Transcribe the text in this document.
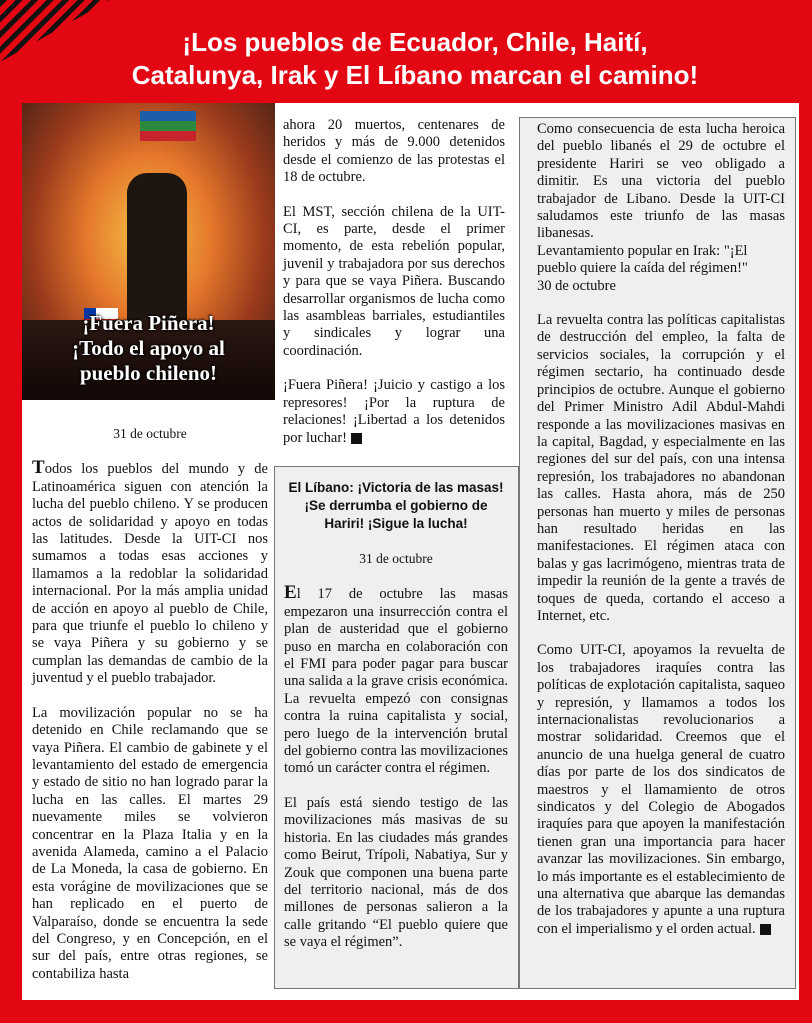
¡Los pueblos de Ecuador, Chile, Haití,
Catalunya, Irak y El Líbano marcan el camino!
¡Fuera Piñera!
¡Todo el apoyo al
pueblo chileno!

31 de octubre

Todos los pueblos del mundo y de Latinoamérica siguen con atención la lucha del pueblo chileno. Y se producen actos de solidaridad y apoyo en todas las latitudes. Desde la UIT-CI nos sumamos a todas esas acciones y llamamos a la redoblar la solidaridad internacional. Por la más amplia unidad de acción en apoyo al pueblo de Chile, para que triunfe el pueblo lo chileno y se vaya Piñera y su gobierno y se cumplan las demandas de cambio de la juventud y el pueblo trabajador.

La movilización popular no se ha detenido en Chile reclamando que se vaya Piñera. El cambio de gabinete y el levantamiento del estado de emergencia y estado de sitio no han logrado parar la lucha en las calles. El martes 29 nuevamente miles se volvieron concentrar en la Plaza Italia y en la avenida Alameda, camino a el Palacio de La Moneda, la casa de gobierno. En esta vorágine de movilizaciones que se han replicado en el puerto de Valparaíso, donde se encuentra la sede del Congreso, y en Concepción, en el sur del país, entre otras regiones, se contabiliza hasta

ahora 20 muertos, centenares de heridos y más de 9.000 detenidos desde el comienzo de las protestas el 18 de octubre.

El MST, sección chilena de la UIT-CI, es parte, desde el primer momento, de esta rebelión popular, juvenil y trabajadora por sus derechos y para que se vaya Piñera. Buscando desarrollar organismos de lucha como las asambleas barriales, estudiantiles y sindicales y lograr una coordinación.

¡Fuera Piñera! ¡Juicio y castigo a los represores! ¡Por la ruptura de relaciones! ¡Libertad a los detenidos por luchar!

El Líbano: ¡Victoria de las masas! ¡Se derrumba el gobierno de Hariri! ¡Sigue la lucha!

31 de octubre

El 17 de octubre las masas empezaron una insurrección contra el plan de austeridad que el gobierno puso en marcha en colaboración con el FMI para poder pagar para buscar una salida a la grave crisis económica. La revuelta empezó con consignas contra la ruina capitalista y social, pero luego de la intervención brutal del gobierno contra las movilizaciones tomó un carácter contra el régimen.

El país está siendo testigo de las movilizaciones más masivas de su historia. En las ciudades más grandes como Beirut, Trípoli, Nabatiya, Sur y Zouk que componen una buena parte del territorio nacional, más de dos millones de personas salieron a la calle gritando “El pueblo quiere que se vaya el régimen”.

Como consecuencia de esta lucha heroica del pueblo libanés el 29 de octubre el presidente Hariri se veo obligado a dimitir. Es una victoria del pueblo trabajador de Libano. Desde la UIT-CI saludamos este triunfo de las masas libanesas.

Levantamiento popular en Irak: "¡El pueblo quiere la caída del régimen!"

30 de octubre

La revuelta contra las políticas capitalistas de destrucción del empleo, la falta de servicios sociales, la corrupción y el régimen sectario, ha continuado desde principios de octubre. Aunque el gobierno del Primer Ministro Adil Abdul-Mahdi responde a las movilizaciones masivas en la capital, Bagdad, y especialmente en las regiones del sur del país, con una intensa represión, los trabajadores no abandonan las calles. Hasta ahora, más de 250 personas han muerto y miles de personas han resultado heridas en las manifestaciones. El régimen ataca con balas y gas lacrimógeno, mientras trata de impedir la reunión de la gente a través de toques de queda, cortando el acceso a Internet, etc.

Como UIT-CI, apoyamos la revuelta de los trabajadores iraquíes contra las políticas de explotación capitalista, saqueo y represión, y llamamos a todos los internacionalistas revolucionarios a mostrar solidaridad. Creemos que el anuncio de una huelga general de cuatro días por parte de los dos sindicatos de maestros y el llamamiento de otros sindicatos y del Colegio de Abogados iraquíes para que apoyen la manifestación tienen gran una importancia para hacer avanzar las movilizaciones. Sin embargo, lo más importante es el establecimiento de una alternativa que abarque las demandas de los trabajadores y apunte a una ruptura con el imperialismo y el orden actual.
